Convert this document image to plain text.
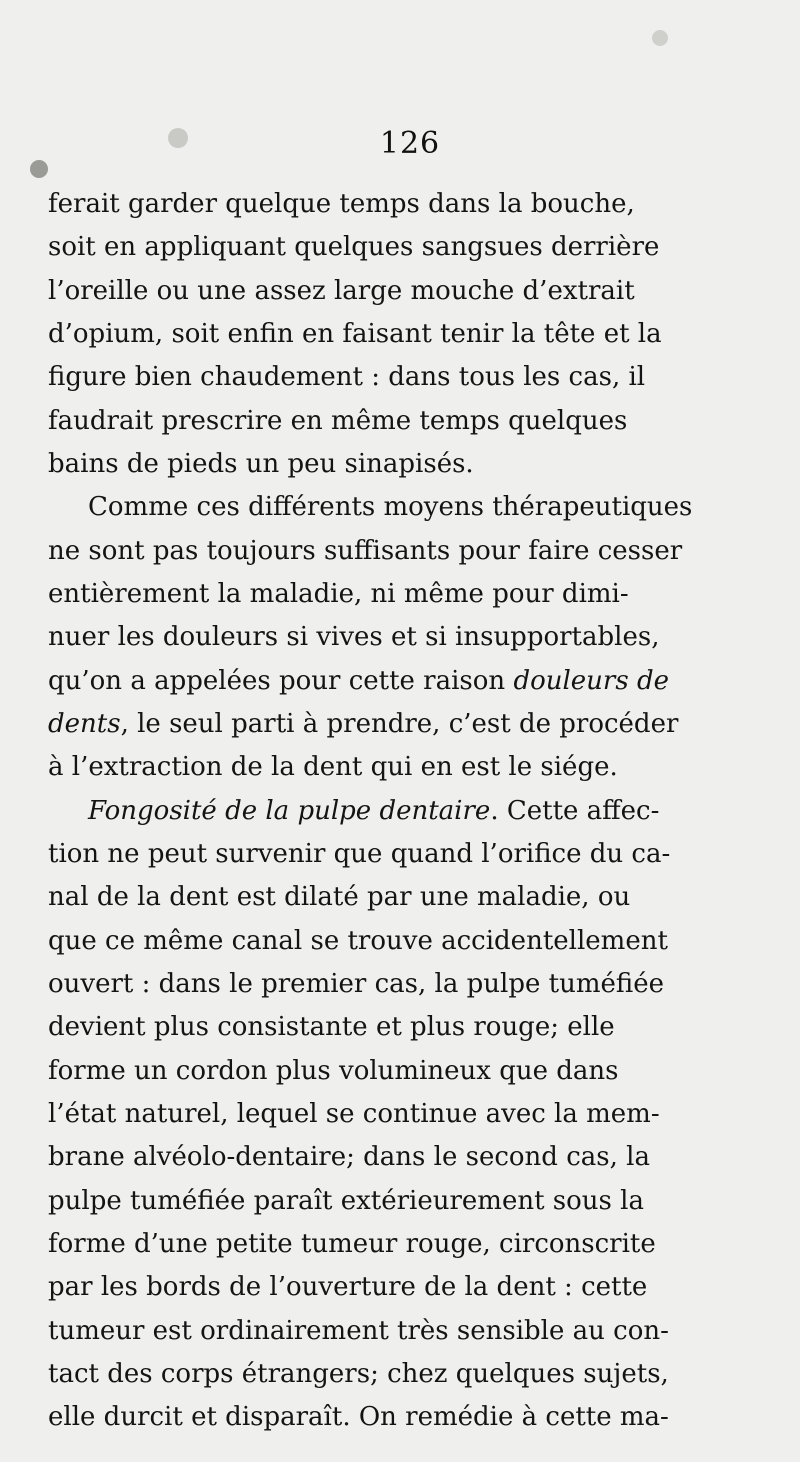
126
ferait garder quelque temps dans la bouche,
soit en appliquant quelques sangsues derrière
l’oreille ou une assez large mouche d’extrait
d’opium, soit enfin en faisant tenir la tête et la
figure bien chaudement : dans tous les cas, il
faudrait prescrire en même temps quelques
bains de pieds un peu sinapisés.
Comme ces différents moyens thérapeutiques
ne sont pas toujours suffisants pour faire cesser
entièrement la maladie, ni même pour dimi-
nuer les douleurs si vives et si insupportables,
qu’on a appelées pour cette raison douleurs de
dents, le seul parti à prendre, c’est de procéder
à l’extraction de la dent qui en est le siége.
Fongosité de la pulpe dentaire. Cette affec-
tion ne peut survenir que quand l’orifice du ca-
nal de la dent est dilaté par une maladie, ou
que ce même canal se trouve accidentellement
ouvert : dans le premier cas, la pulpe tuméfiée
devient plus consistante et plus rouge; elle
forme un cordon plus volumineux que dans
l’état naturel, lequel se continue avec la mem-
brane alvéolo-dentaire; dans le second cas, la
pulpe tuméfiée paraît extérieurement sous la
forme d’une petite tumeur rouge, circonscrite
par les bords de l’ouverture de la dent : cette
tumeur est ordinairement très sensible au con-
tact des corps étrangers; chez quelques sujets,
elle durcit et disparaît. On remédie à cette ma-
